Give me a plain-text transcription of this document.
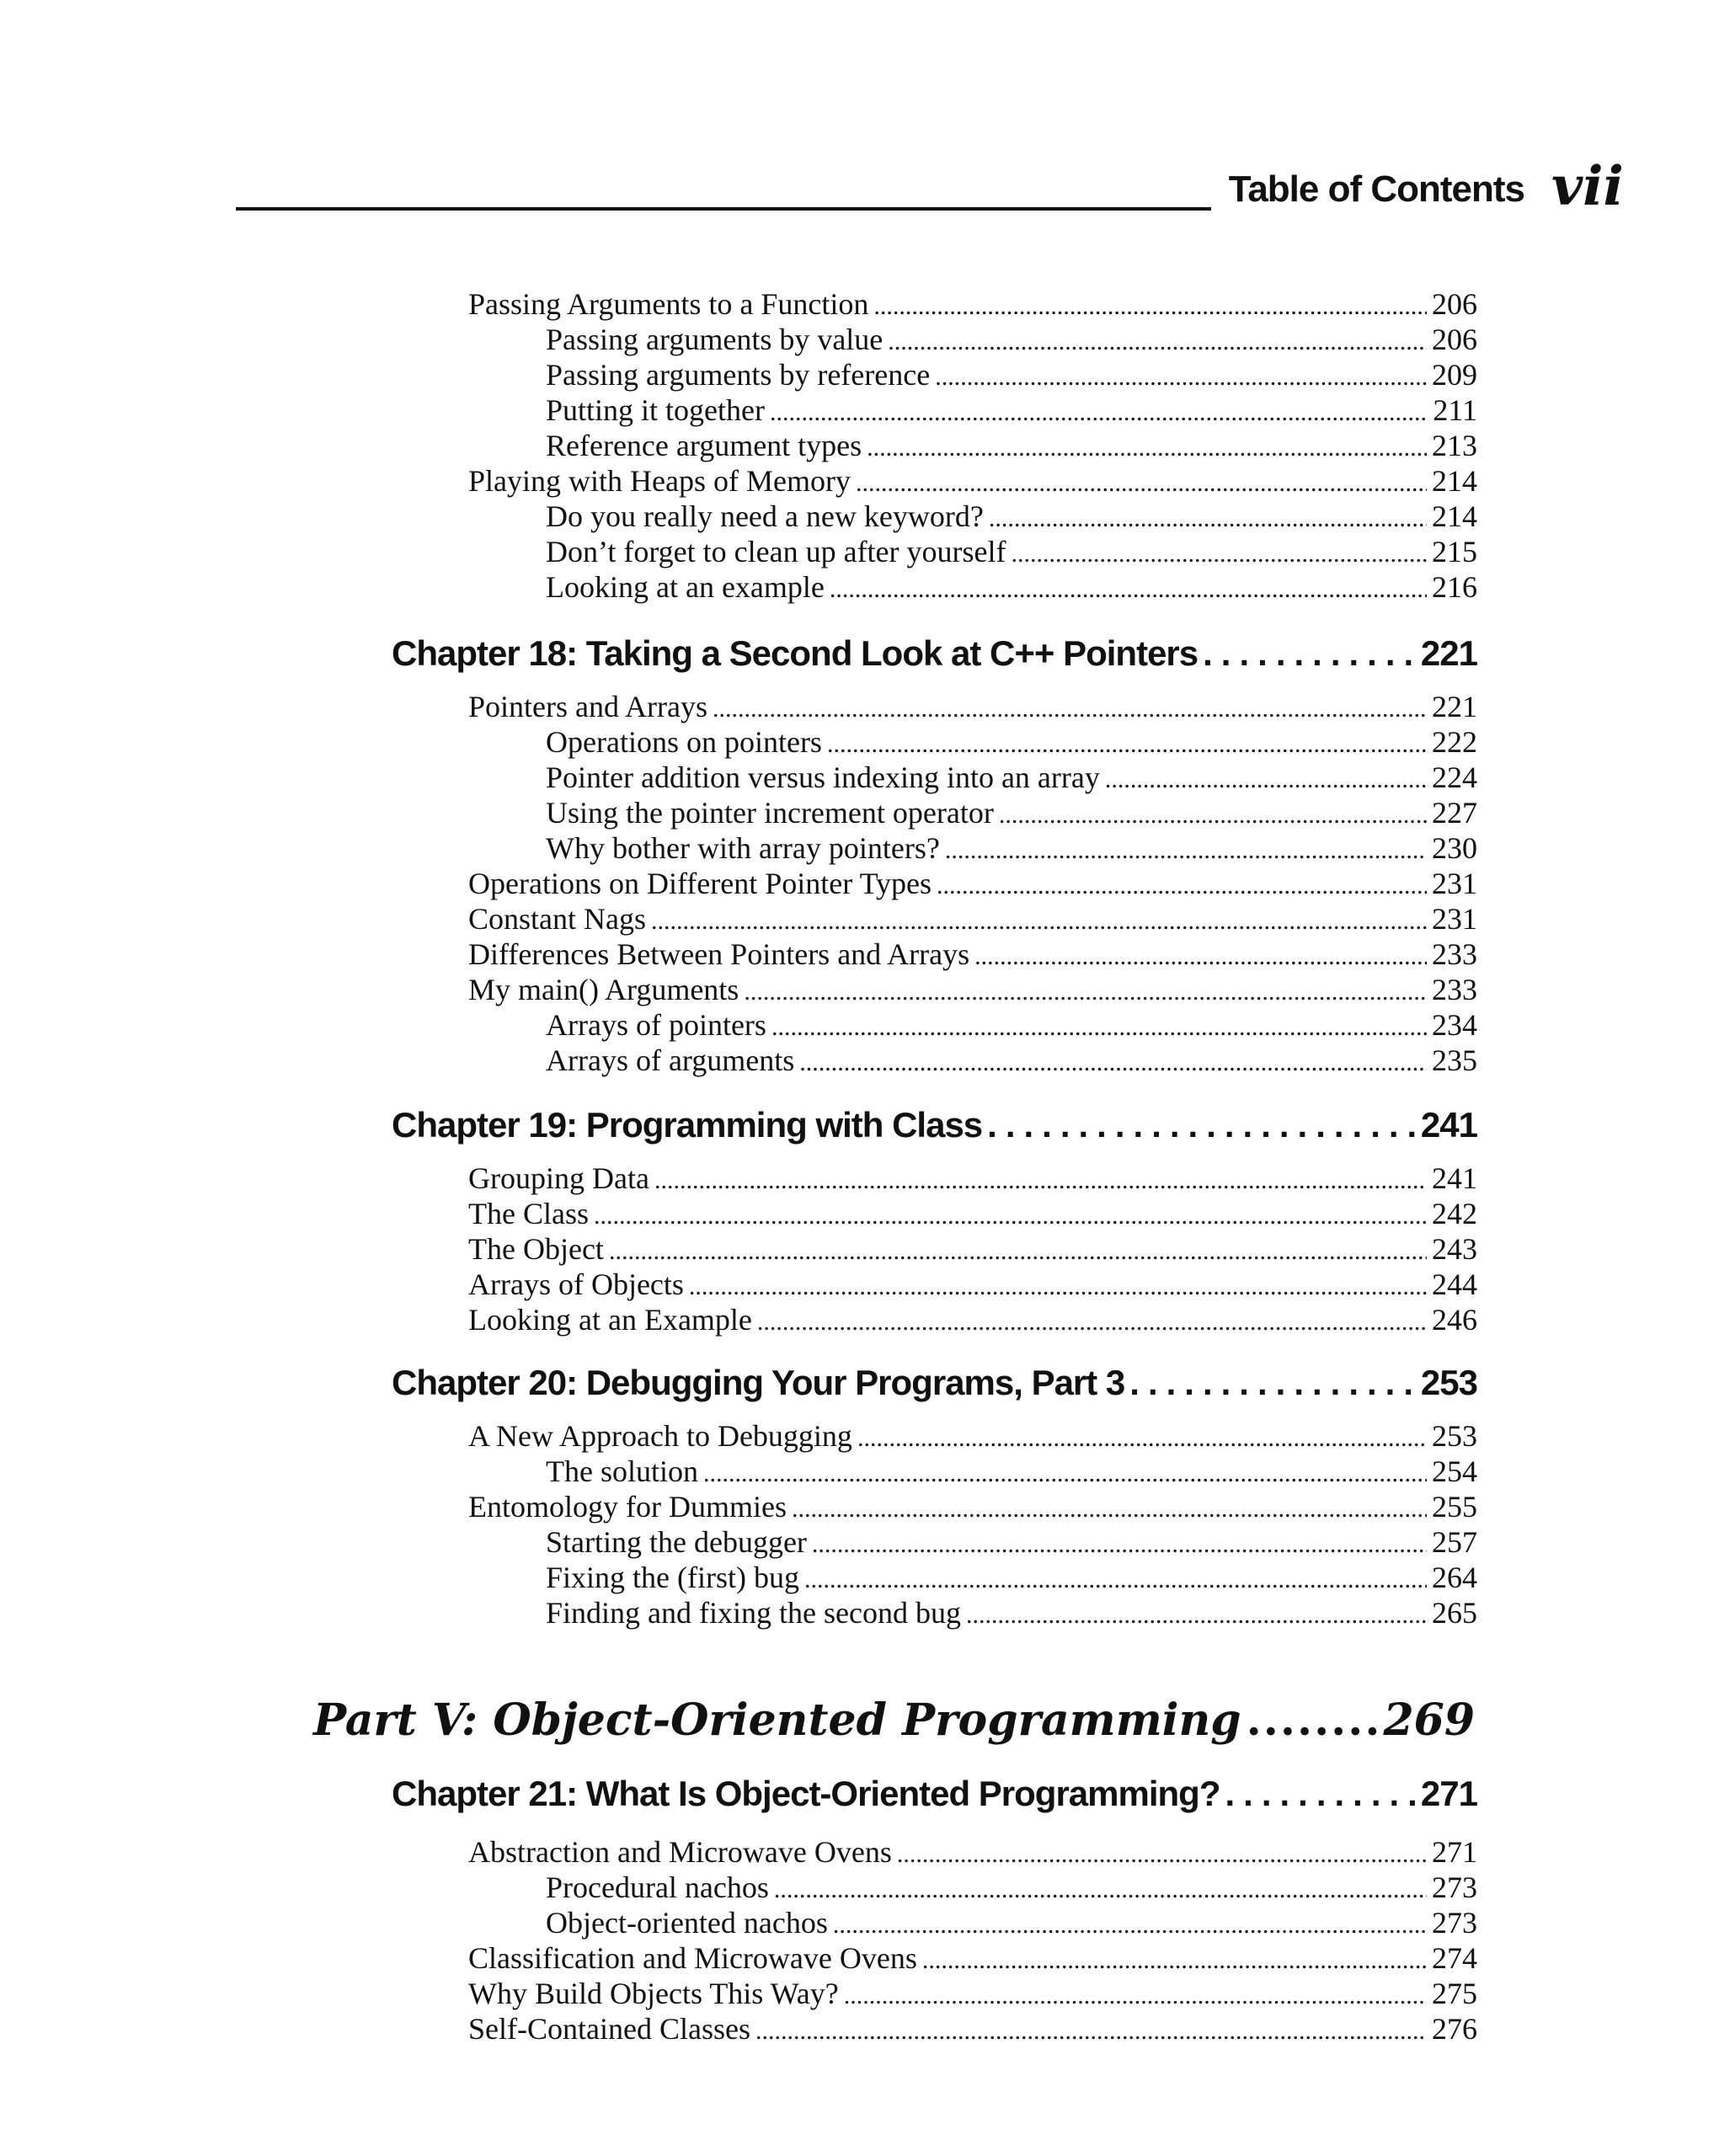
Table of Contents vii
Passing Arguments to a Function .....	206
Passing arguments by value .....	206
Passing arguments by reference .....	209
Putting it together .....	211
Reference argument types .....	213
Playing with Heaps of Memory .....	214
Do you really need a new keyword? .....	214
Don’t forget to clean up after yourself .....	215
Looking at an example .....	216
Chapter 18: Taking a Second Look at C++ Pointers .....	221
Pointers and Arrays .....	221
Operations on pointers .....	222
Pointer addition versus indexing into an array .....	224
Using the pointer increment operator .....	227
Why bother with array pointers? .....	230
Operations on Different Pointer Types .....	231
Constant Nags .....	231
Differences Between Pointers and Arrays .....	233
My main() Arguments .....	233
Arrays of pointers .....	234
Arrays of arguments .....	235
Chapter 19: Programming with Class .....	241
Grouping Data .....	241
The Class .....	242
The Object .....	243
Arrays of Objects .....	244
Looking at an Example .....	246
Chapter 20: Debugging Your Programs, Part 3 .....	253
A New Approach to Debugging .....	253
The solution .....	254
Entomology for Dummies .....	255
Starting the debugger .....	257
Fixing the (first) bug .....	264
Finding and fixing the second bug .....	265
Part V: Object-Oriented Programming .....	269
Chapter 21: What Is Object-Oriented Programming? .....	271
Abstraction and Microwave Ovens .....	271
Procedural nachos .....	273
Object-oriented nachos .....	273
Classification and Microwave Ovens .....	274
Why Build Objects This Way? .....	275
Self-Contained Classes .....	276
